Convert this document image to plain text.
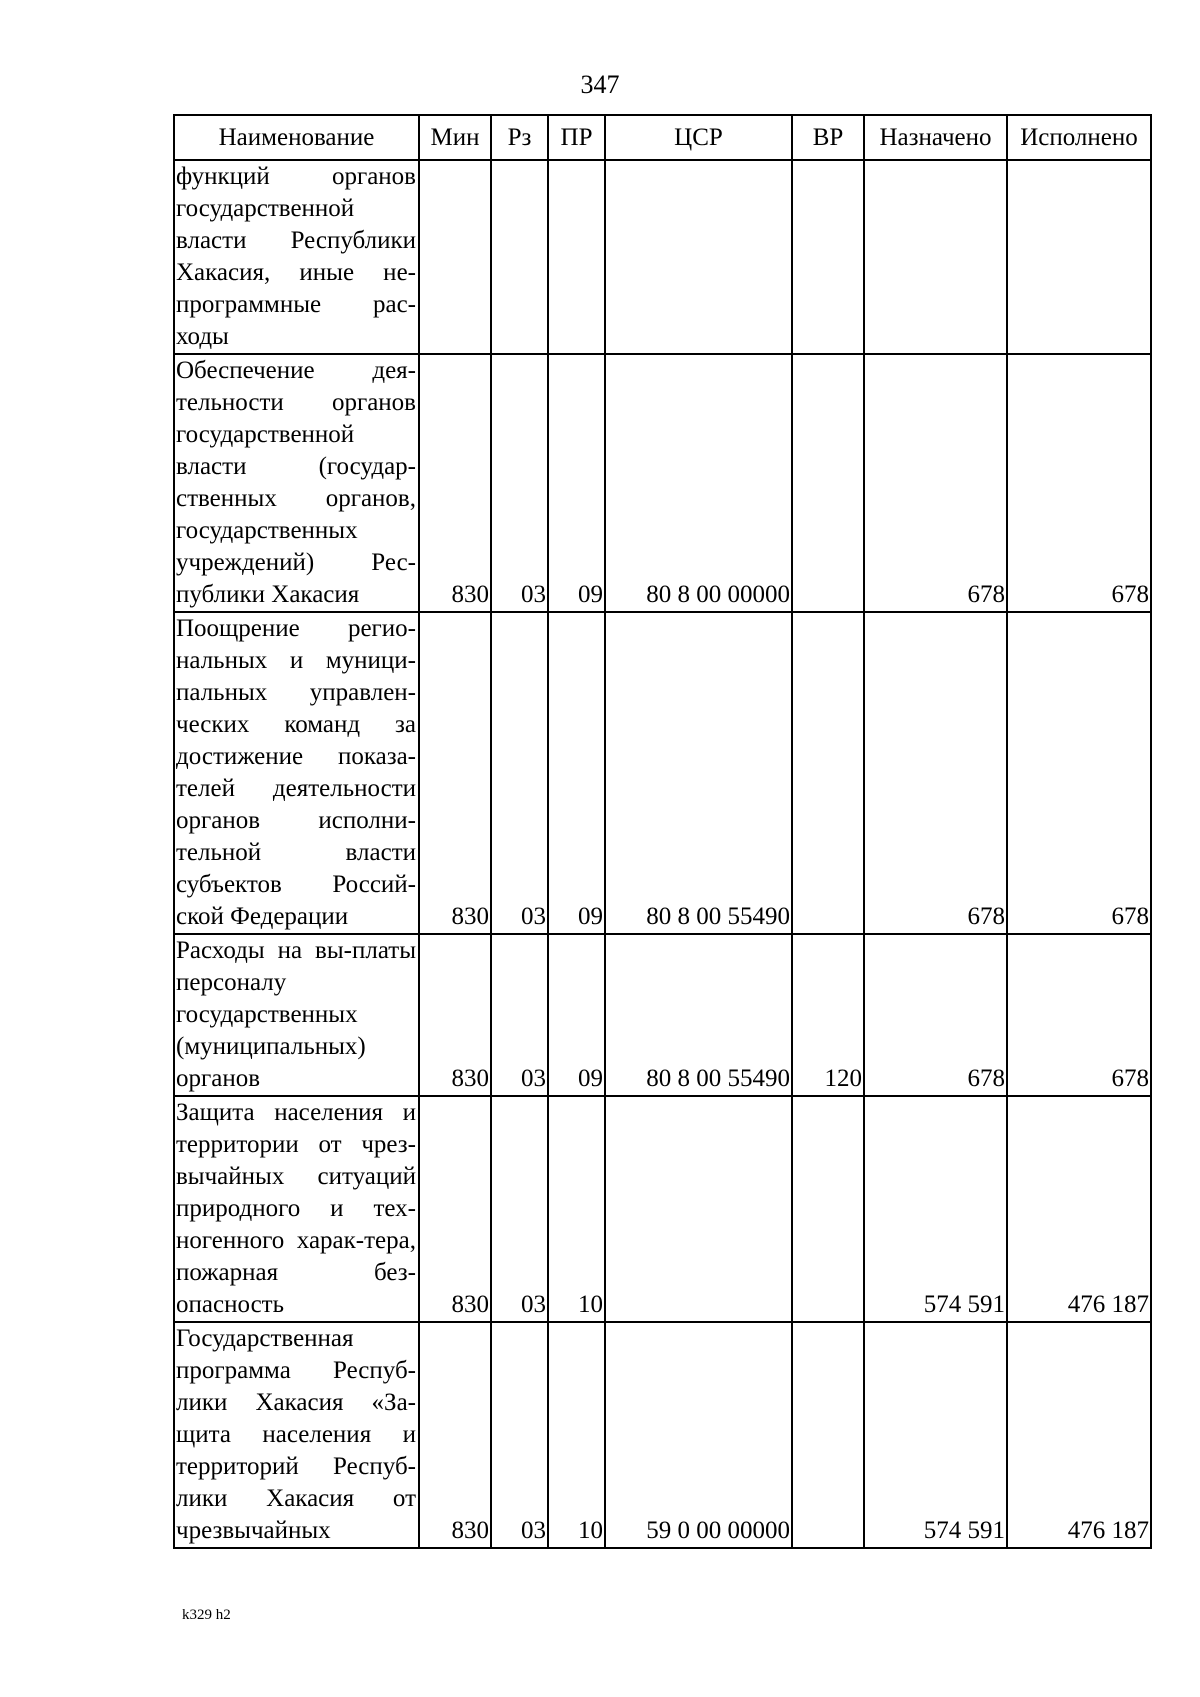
347
Наименование	Мин	Рз	ПР	ЦСР	ВР	Назначено	Исполнено
функций органов государственной власти Республики Хакасия, иные не-программные рас-ходы							
Обеспечение дея-тельности органов государственной власти (государ-ственных органов, государственных учреждений) Рес-публики Хакасия	830	03	09	80 8 00 00000		678	678
Поощрение регио-нальных и муници-пальных управлен-ческих команд за достижение показа-телей деятельности органов исполни-тельной власти субъектов Россий-ской Федерации	830	03	09	80 8 00 55490		678	678
Расходы на вы-платы персоналу государственных (муниципальных) органов	830	03	09	80 8 00 55490	120	678	678
Защита населения и территории от чрез-вычайных ситуаций природного и тех-ногенного харак-тера, пожарная без-опасность	830	03	10			574 591	476 187
Государственная программа Респуб-лики Хакасия «За-щита населения и территорий Респуб-лики Хакасия от чрезвычайных	830	03	10	59 0 00 00000		574 591	476 187
k329 h2
